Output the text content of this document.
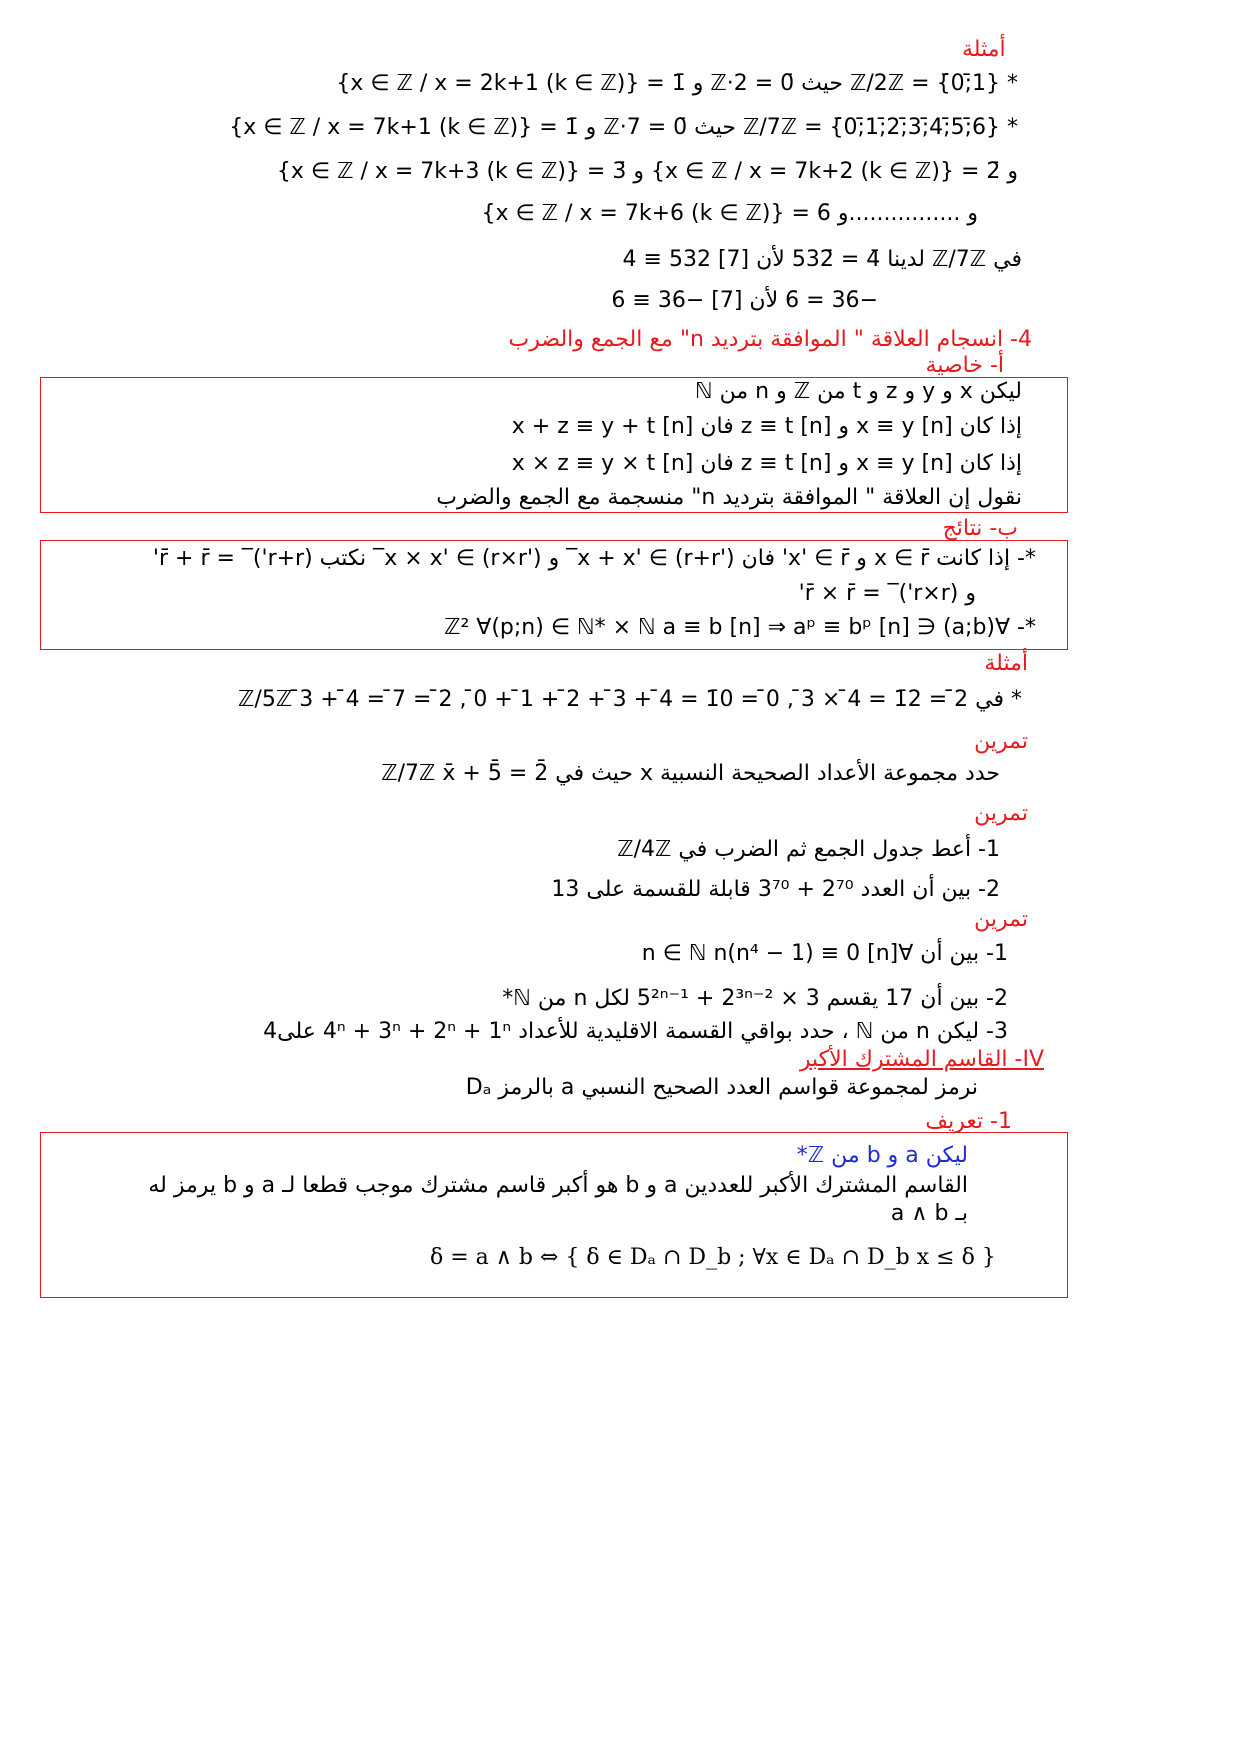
أمثلة
* ℤ/2ℤ = {0̄;1̄} حيث 0̄ = 2·ℤ و 1̄ = {x ∈ ℤ / x = 2k+1 (k ∈ ℤ)}
* ℤ/7ℤ = {0̄;1̄;2̄;3̄;4̄;5̄;6̄} حيث 0̄ = 7·ℤ و 1̄ = {x ∈ ℤ / x = 7k+1 (k ∈ ℤ)}
و 2̄ = {x ∈ ℤ / x = 7k+2 (k ∈ ℤ)} و 3̄ = {x ∈ ℤ / x = 7k+3 (k ∈ ℤ)}
و ................و 6̄ = {x ∈ ℤ / x = 7k+6 (k ∈ ℤ)}
في ℤ/7ℤ لدينا 4̄ = 532̄ لأن [7] 532 ≡ 4
−36̄ = 6̄ لأن [7] −36 ≡ 6
4- انسجام العلاقة " الموافقة بترديد n" مع الجمع والضرب
أ- خاصية
ليكن x و y و z و t من ℤ و n من ℕ
إذا كان [n] x ≡ y و [n] z ≡ t فان [n] x + z ≡ y + t
إذا كان [n] x ≡ y و [n] z ≡ t فان [n] x × z ≡ y × t
نقول إن العلاقة " الموافقة بترديد n" منسجمة مع الجمع والضرب
ب- نتائج
*- إذا كانت x ∈ r̄ و x' ∈ r̄' فان x + x' ∈ (r+r')‾ و x × x' ∈ (r×r')‾ نكتب (r+r')‾ = r̄ + r̄'
و (r×r')‾ = r̄ × r̄'
*- ∀(a;b) ∈ ℤ² ∀(p;n) ∈ ℕ* × ℕ a ≡ b [n] ⇒ aᵖ ≡ bᵖ [n]
أمثلة
* في ℤ/5ℤ 3̄ + 4̄ = 7̄ = 2̄ , 0̄ + 1̄ + 2̄ + 3̄ + 4̄ = 10̄ = 0̄ , 3̄ × 4̄ = 12̄ = 2̄
تمرين
حدد مجموعة الأعداد الصحيحة النسبية x حيث في ℤ/7ℤ x̄ + 5̄ = 2̄
تمرين
1- أعط جدول الجمع ثم الضرب في ℤ/4ℤ
2- بين أن العدد 2⁷⁰ + 3⁷⁰ قابلة للقسمة على 13
تمرين
1- بين أن ∀n ∈ ℕ n(n⁴ − 1) ≡ 0 [n]
2- بين أن 17 يقسم 3 × 5²ⁿ⁻¹ + 2³ⁿ⁻² لكل n من ℕ*
3- ليكن n من ℕ ، حدد بواقي القسمة الاقليدية للأعداد 4ⁿ + 3ⁿ + 2ⁿ + 1ⁿ على4
IV- القاسم المشترك الأكبر
نرمز لمجموعة قواسم العدد الصحيح النسبي a بالرمز Dₐ
1- تعريف
ليكن a و b من ℤ*
القاسم المشترك الأكبر للعددين a و b هو أكبر قاسم مشترك موجب قطعا لـ a و b يرمز له
بـ a ∧ b
δ = a ∧ b ⇔ { δ ∈ Dₐ ∩ D_b ; ∀x ∈ Dₐ ∩ D_b x ≤ δ }
